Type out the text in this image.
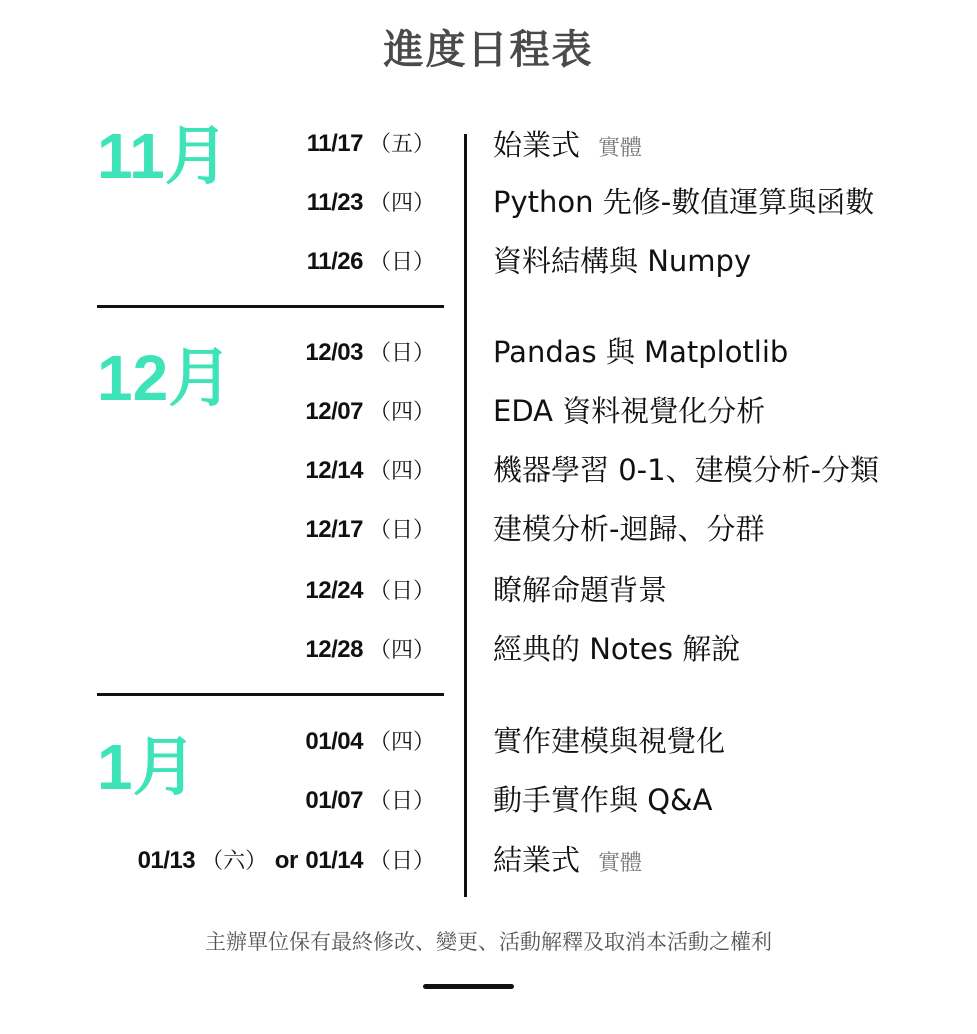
進度日程表
11月
12月
1月
11/17 （五） 始業式 實體
11/23 （四） Python 先修-數值運算與函數
11/26 （日） 資料結構與 Numpy
12/03 （日） Pandas 與 Matplotlib
12/07 （四） EDA 資料視覺化分析
12/14 （四） 機器學習 0-1、建模分析-分類
12/17 （日） 建模分析-迴歸、分群
12/24 （日） 瞭解命題背景
12/28 （四） 經典的 Notes 解說
01/04 （四） 實作建模與視覺化
01/07 （日） 動手實作與 Q&A
01/13 （六） or 01/14 （日） 結業式 實體
主辦單位保有最終修改、變更、活動解釋及取消本活動之權利
